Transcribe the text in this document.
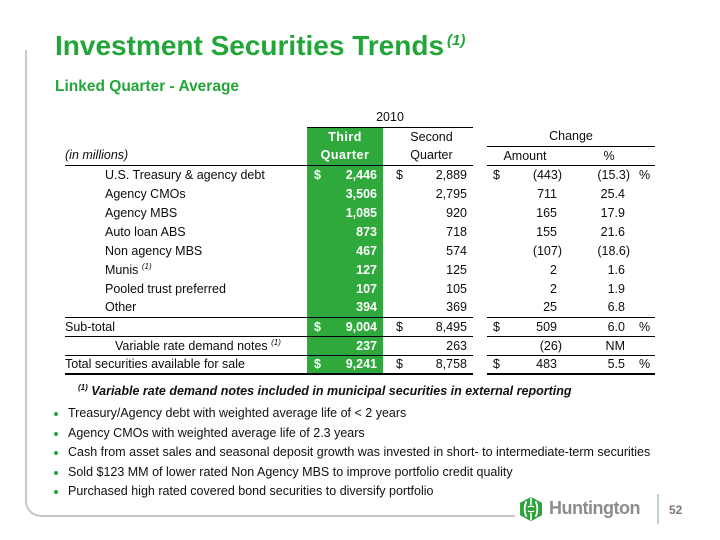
Investment Securities Trends $^{(1)}$
Linked Quarter - Average
	2010									
	Third			Second			Change			
(in millions)	Quarter			Quarter			Amount		%	
U.S. Treasury & agency debt	$	2,446		$	2,889		$	(443)	(15.3)	%
Agency CMOs		3,506			2,795			711	25.4	
Agency MBS		1,085			920			165	17.9	
Auto loan ABS		873			718			155	21.6	
Non agency MBS		467			574			(107)	(18.6)	
Munis $^{(1)}$		127			125			2	1.6	
Pooled trust preferred		107			105			2	1.9	
Other		394			369			25	6.8	
Sub-total	$	9,004		$	8,495		$	509	6.0	%
Variable rate demand notes $^{(1)}$		237			263			(26)	NM	
Total securities available for sale	$	9,241		$	8,758		$	483	5.5	%

$^{(1)}$ Variable rate demand notes included in municipal securities in external reporting

Treasury/Agency debt with weighted average life of < 2 years
Agency CMOs with weighted average life of 2.3 years
Cash from asset sales and seasonal deposit growth was invested in short- to intermediate-term securities
Sold $123 MM of lower rated Non Agency MBS to improve portfolio credit quality
Purchased high rated covered bond securities to diversify portfolio
Huntington 52
